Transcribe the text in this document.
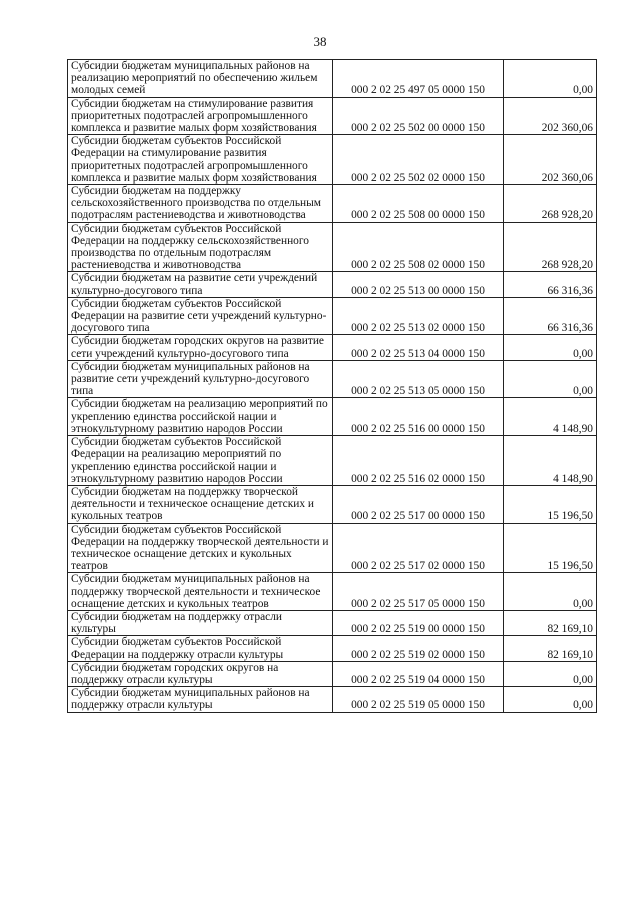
38
Субсидии бюджетам муниципальных районов на реализацию мероприятий по обеспечению жильем молодых семей	000 2 02 25 497 05 0000 150	0,00
Субсидии бюджетам на стимулирование развития приоритетных подотраслей агропромышленного комплекса и развитие малых форм хозяйствования	000 2 02 25 502 00 0000 150	202 360,06
Субсидии бюджетам субъектов Российской Федерации на стимулирование развития приоритетных подотраслей агропромышленного комплекса и развитие малых форм хозяйствования	000 2 02 25 502 02 0000 150	202 360,06
Субсидии бюджетам на поддержку сельскохозяйственного производства по отдельным подотраслям растениеводства и животноводства	000 2 02 25 508 00 0000 150	268 928,20
Субсидии бюджетам субъектов Российской Федерации на поддержку сельскохозяйственного производства по отдельным подотраслям растениеводства и животноводства	000 2 02 25 508 02 0000 150	268 928,20
Субсидии бюджетам на развитие сети учреждений культурно-досугового типа	000 2 02 25 513 00 0000 150	66 316,36
Субсидии бюджетам субъектов Российской Федерации на развитие сети учреждений культурно-досугового типа	000 2 02 25 513 02 0000 150	66 316,36
Субсидии бюджетам городских округов на развитие сети учреждений культурно-досугового типа	000 2 02 25 513 04 0000 150	0,00
Субсидии бюджетам муниципальных районов на развитие сети учреждений культурно-досугового типа	000 2 02 25 513 05 0000 150	0,00
Субсидии бюджетам на реализацию мероприятий по укреплению единства российской нации и этнокультурному развитию народов России	000 2 02 25 516 00 0000 150	4 148,90
Субсидии бюджетам субъектов Российской Федерации на реализацию мероприятий по укреплению единства российской нации и этнокультурному развитию народов России	000 2 02 25 516 02 0000 150	4 148,90
Субсидии бюджетам на поддержку творческой деятельности и техническое оснащение детских и кукольных театров	000 2 02 25 517 00 0000 150	15 196,50
Субсидии бюджетам субъектов Российской Федерации на поддержку творческой деятельности и техническое оснащение детских и кукольных театров	000 2 02 25 517 02 0000 150	15 196,50
Субсидии бюджетам муниципальных районов на поддержку творческой деятельности и техническое оснащение детских и кукольных театров	000 2 02 25 517 05 0000 150	0,00
Субсидии бюджетам на поддержку отрасли культуры	000 2 02 25 519 00 0000 150	82 169,10
Субсидии бюджетам субъектов Российской Федерации на поддержку отрасли культуры	000 2 02 25 519 02 0000 150	82 169,10
Субсидии бюджетам городских округов на поддержку отрасли культуры	000 2 02 25 519 04 0000 150	0,00
Субсидии бюджетам муниципальных районов на поддержку отрасли культуры	000 2 02 25 519 05 0000 150	0,00
